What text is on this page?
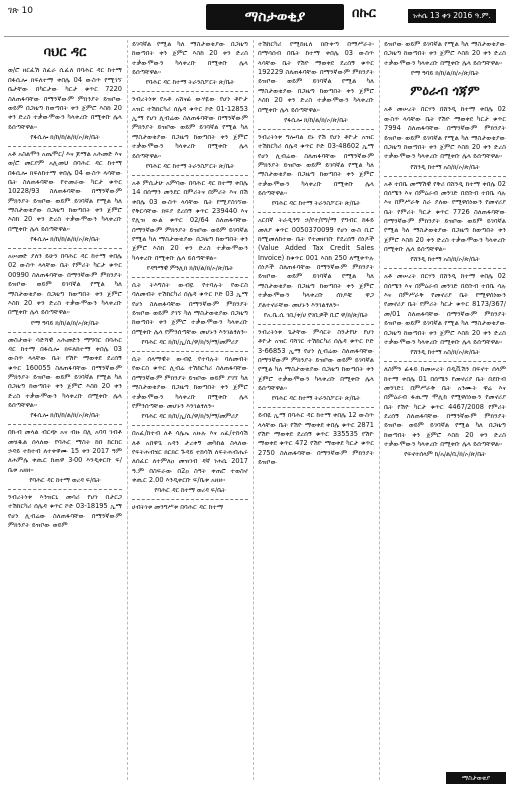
ገጽ 10	ማስታወቂያ	በኩር	ነሐሴ 13 ቀን 2016 ዓ.ም.
ባህር ዳር

ወ/ሮ ዘርፈሽ ስፈራ ሲፈለ በባሕር ዳር ከተማ በፋሲሎ ክፍለተማ ቀበሌ 04 ውስጥ የሚገኘ ቤታቸው በካርታው ካርታ ቁጥር 7220 ስለጠፋባቸው በማንኛውም ምክንያት ይዝቦው ወይም በጋዜጣ ከወጣበት ቀን ጀምሮ እስከ 20 ቀን ድረስ ተቃውሞውን ካላቀረቡ በሚቀቡ ሌላ ይሰጣቸዋል።

የፋሲሎ ክ/ከ/ከ/ል/ክ/ኦ/ጽ/ቤት

አቶ አስልሞን አጤሞር/ እና ጆማል አሕመድ እና ወ/ሮ መርያም አሊመህ በባሕር ዳር ከተማ በፋሲሎ ክፍለከተማ ቀበሌ 04 ውስጥ ላሳቸው ቤት ስለጠፋባቸው የተመራው ካርታ ቁጥር 10228/93 ስለጠፋባቸው በማንኛውም ምክንያት ይዝቦው ወይም ይገባኛል የሚል ካለ ማስታወቂያው በጋዜጣ ከወጣበት ቀን ጀምሮ እስከ 20 ቀን ድረስ ተቃውሞውን ካላቀረቡ በሚቀቡ ሌላ ይሰጣቸዋል።

የፋሲሎ ክ/ከ/ከ/ል/ክ/ኦ/ጽ/ቤት

አሠመድ ያለን ይሁን በባሕር ዳር ከተማ ቀበሌ 02 ውስጥ ላላቸው ቤት የምሪት ካርታ ቁጥር 00990 ስለጠፋባቸው በማንኛውም ምክንያት ይዝቦው ወይም ይገባኛል የሚል ካለ ማስታወቂያው በጋዜጣ ከወጣበት ቀን ጀምሮ እስከ 20 ቀን ድረስ ተቃውሞውን ካላቀረቡ በሚቀቡ ሌላ ይሰጣቸዋል።

የማ ዓባይ ክ/ከ/ል/ክ/ኦ/ጽ/ቤት

መስታወት ሳድሻዊ አሕመድን ማግባር በባሕር ዳር ከተማ በፋሲሎ ክፍለከተማ ቀበሌ 03 ውስጥ ላላቸው ቤት የሽዮ ማወቀደ ደረሰኝ ቁጥር 160055 ስለጠፋባቸው በማንኛውም ምክንያት ይዝቦው ወይም ይገባኛል የሚል ካለ በጋዜጣ ከወጣበት ቀን ጀምሮ እስከ 20 ቀን ድረስ ተቃውሞውን ካላቀረቡ በሚቀቡ ሌላ ይሰጣቸዋል።

የፋሲሎ ክ/ከ/ከ/ል/ክ/ኦ/ጽ/ቤት

በኩብ መላል ብርጭ አና ብዙ በሊ አባባ ገብቶ መሄዱል ሰላለው የባሕር ማስት ከበ ከርከር ኃዳይ ተከተብ ለተቀዋሙ 15 ቀን 2017 ዓም ለሐምሌ ቀጢር ከጠዋ 3፡00 እንዲቀርቡ ፍ/ቤቱ አዘዘ።

የባሕር ዳር ከተማ ወረዳ ፍ/ቤት

ንብረትነቱ እንዝርኒ መሳሪ የሆነ በታርጋ ተሽከርካሪ ሰሌዳ ቁጥር ኮድ 03-18195 ኢማ የሆነ ሊብሬው ስለጠፋባቸው በማንኛውም ምክንያት ይዝቦው ወይም

ይገባኛል የሚል ካለ ማስታወቂያው በጋዜጣ ከወጣበት ቀን ጀምሮ እስከ 20 ቀን ድረስ ተቃውሞውን ካላቀረቡ በሚቀቡ ሌላ ይሰጣቸዋል።

የባሕር ዳር ከተማ ትራንስፖርት ጽ/ቤት

ንብረትነቱ የአቶ አሸናፊ ውሃዬው የሆነ ቶዮታ አዝር ተሽከርካሪ ሰሌዳ ቁጥር ኮድ 01-12853 ኢማ የሆነ ሊብሬው ስለጠፋባቸው በማንኛውም ምክንያት ይዝቦው ወይም ይገባኛል የሚል ካለ ማስታወቂያው በጋዜጣ ከወጣበት ቀን ጀምሮ ተቃውሞውን ካላቀረቡ በሚቀቡ ሌላ ይሰጣቸዋል።

የባሕር ዳር ከተማ ትራንስፖርት ጽ/ቤት

አቶ ምሲታሁ አምባው በባሕር ዳር ከተማ ቀበሌ 14 በሰማን መንደር በምሪትና በምሪት እና በሽ ቀበሌ 03 ውስጥ ላሳቸው ቤት የሚያስገኘው የቅርሳቸው ክፍያ ደረሰኝ ቁጥር 239440 እና የሊዝ ውል ቁጥር 02/64 ስለጠፋባቸው በማንኛውም ምክንያት ይዝቦው ወይም ይገባኛል የሚል ካለ ማስታወቂያው በጋዜጣ ከወጣበት ቀን ጀምሮ እስከ 20 ቀን ድረስ ተቃውሞውን ካላቀረቡ በሚቀቡ ሌላ ይሰጣቸዋል።

የዳግማዊ ምንሊክ ክ/ከ/ል/ክ/ኦ/ጽ/ቤት

ሲት ትእግስት ውብዬ የተባሉት የውርስ ባለመብት ተሽከርካሪ ሰሌዳ ቁጥር ኮድ 03 ኢማ የሆነ ስለጠፋባቸው በማንኛውም ምክንያት ይዝቦው ወይም ያገኘ ካለ ማስታወቂያው በጋዜጣ ከወጣበት ቀን ጀምሮ ተቃውሞውን ካላቀረቡ በሚቀቡ ሌላ የምንሰጣቸው መሆኑን እንገልፃለን።

የባሕር ዳር ክ/ከ/ኢ/ሲ/ዋ/ክ/ን/ማ/መምሪያ

ሲት ሰላማዊት ውብዬ የተባሉት ባለመብት የውርስ ቁጥር ሊብሬ ተሽከርካሪ ስለጠፋባቸው በማንኛውም ምክንያት ይዝቦው ወይም ያገኘ ካለ ማስታወቂያው በጋዜጣ ከወጣበት ቀን ጀምሮ ተቃውሞውን ካላቀረቡ በሚቀቡ ሌላ የምንሰጣቸው መሆኑን እንገልፃለን።

የባሕር ዳር ክ/ከ/ኢ/ሲ/ዋ/ክ/ን/ማ/መምሪያ

በአፈ/ከተብ ለቶ ሳሌኤ አዙሉ እና አፈ/ተከሳሽ ለቶ አበዋጌ አዳን ታረቀኝ መካከል ስላለው የፍትሐብሄር ክርክር ጉዳይ ተከሳሽ ለፍትሐብሔሩ ለሰፈር ለተምለዐ መዝገብ ዳኛ ነሐሴ 2017 ዓ.ም በስፍራው በ2ዐ ስዓት ቀጠሮ ተወስኖ ቀጢር 2.00 እንዲቀርቡ ፍ/ቤቱ አዘዘ።

የባሕር ዳር ከተማ ወረዳ ፍ/ቤት

ሀብትነቱ መንግሥቱ በባሕር ዳር ከተማ

ተሽከርካሪ የሚከዚለ ክቡቀጣ በማሥራት፡ በማሳሰብ በቤት ከተማ ቀበሌ 03 ውስጥ ላሳቸው ቤት የሽዮ ማወቀደ ደረሰኝ ቁጥር 192229 ስለጠፋባቸው በማንኛውም ምክንያት ይዝቦው ወይም ይገባኛል የሚል ካለ ማስታወቂያው በጋዜጣ ከወጣበት ቀን ጀምሮ እስከ 20 ቀን ድረስ ተቃውሞውን ካላቀረቡ በሚቀቡ ሌላ ይሰጣቸዋል።

የፋሲሎ ክ/ከ/ል/ክ/ኦ/ጽ/ቤት

ንብረትነቱ ግሎባል ደኑ የሽ የሆነ ቶዮታ አዝር ተሽከርካሪ ሰሌዳ ቁጥር ኮድ 03-48602 ኢማ የሆነ ሊብሬው ስለጠፋባቸው በማንኛውም ምክንያት ይዝቦው ወይም ይገባኛል የሚል ካለ ማስታወቂያው በጋዜጣ ከወጣበት ቀን ጀምሮ ተቃውሞውን ካላቀረቡ በሚቀቡ ሌላ ይሰጣቸዋል።

የባሕር ዳር ከተማ ትራንስፖርት ጽ/ቤት

አርበኛ ትራዲንግ ኃ/የተ/የግ/ማ የግብር ከፋይ መለያ ቁጥር 0050370099 የሆነ ውስ ቢሮ ከሚመለከተው ቤት የተመዘገቡ የደረሰኝ ሰነዶች (Value Added Tax Credit Sales Invoice) ከቁጥር 001 እስከ 250 ለሚቀጥሉ ሰነዶች ስለጠፉባቸው በማንኛውም ምክንያት ይዝቦው ወይም ይገባኛል የሚል ካለ ማስታወቂያው በጋዜጣ ከወጣበት ቀን ጀምሮ ተቃውሞውን ካላቀረቡ ሰነዶቹ ዋጋ ያልተኖራቸው መሆኑን እንገልፃለን።

የአ.ቤ.ሲ ገቢ/ቀ/ሀ የገቢዎች ቢሮ ዋ/ክ/ጽ/ቤት

ንብረትነቱ ጌታቸው ምሳርት ስንታየሁ የሆነ ቶዮታ አዝር ባሻገር ተሽከርካሪ ሰሌዳ ቁጥር ኮድ 3-66853 ኢማ የሆነ ሊብሬው ስለጠፋባቸው በማንኛውም ምክንያት ይዝቦው ወይም ይገባኛል የሚል ካለ ማስታወቂያው በጋዜጣ ከወጣበት ቀን ጀምሮ ተቃውሞውን ካላቀረቡ በሚቀቡ ሌላ ይሰጣቸዋል።

የባሕር ዳር ከተማ ትራንስፖርት ጽ/ቤት

ይብዪ ኢማ በባሕር ዳር ከተማ ቀበሌ 12 ውስጥ ላላቸው ቤት የሽዮ ማወቀደ ቀበሌ ቁጥር 2871 የሽዮ ማወቀደ ደረሰኝ ቁጥር 335535 የሽዮ ማወቀደ ቁጥር 472 የሽዮ ማወቀደ ካርታ ቁጥር 2750 ስለጠፋባቸው በማንኛውም ምክንያት ይዝቦው

ይዝቦው ወይም ይገባኛል የሚል ካለ ማስታወቂያው በጋዜጣ ከወጣበት ቀን ጀምሮ እስከ 20 ቀን ድረስ ተቃውሞውን ካላቀረቡ በሚቀቡ ሌላ ይሰጣቸዋል።

የማ ዓባይ ክ/ከ/ል/ክ/ኦ/ጽ/ቤት
ምዕራብ ጎጃም

አቶ መሠረት በርሃን በሸንዲ ከተማ ቀበሌ 02 ውስጥ ላሳቸው ቤት የሽዮ ማወቀደ ካርታ ቁጥር 7994 ስለጠፋባቸው በማንኛውም ምክንያት ይዝቦው ወይም ይገባኛል የሚል ካለ ማስታወቂያው በጋዜጣ ከወጣበት ቀን ጀምሮ እስከ 20 ቀን ድረስ ተቃውሞውን ካላቀረቡ በሚቀቡ ሌላ ይሰጣቸዋል።

የሸንዲ ከተማ አስ/ክ/ኦ/ጽ/ቤት

አቶ ተበቤ መማሽዊ የቅሪ በሸንዲ ከተማ ቀበሌ 02 በሰሜን እና በምዕራብ መንገድ በደቡብ ተበቤ ሳሉ እና በምሥራቅ ስራ ያለው የሚዋሰነውን የመኖሪያ ቤት የምሪት ካርታ ቁጥር 7726 ስለጠፋባቸው በማንኛውም ምክንያት ይዝቦው ወይም ይገባኛል የሚል ካለ ማስታወቂያው በጋዜጣ ከወጣበት ቀን ጀምሮ እስከ 20 ቀን ድረስ ተቃውሞውን ካላቀረቡ በሚቀቡ ሌላ ይሰጣቸዋል።

የሸንዲ ከተማ አስ/ክ/ኦ/ጽ/ቤት

አቶ መሠረት በርሃን በሸንዲ ከተማ ቀበሌ 02 በሰሜን እና በምዕራብ መንገድ በደቡብ ተበቤ ሳሉ እና በምሥራቅ የመኖሪያ ቤት የሚዋሰነውን የመኖሪያ ቤት የምሪት ካርታ ቁጥር 8173/367/መ/01 ስለጠፋባቸው በማንኛውም ምክንያት ይዝቦው ወይም ይገባኛል የሚል ካለ ማስታወቂያው በጋዜጣ ከወጣበት ቀን ጀምሮ እስከ 20 ቀን ድረስ ተቃውሞውን ካላቀረቡ በሚቀቡ ሌላ ይሰጣቸዋል።

የሸንዲ ከተማ አስ/ክ/ኦ/ጽ/ቤት

ለስምን ፊፋይ ከመሠረት በዲቪሽን በፍኖተ ሰላም ከተማ ቀበሌ 01 በሰሜን የመኖሪያ ቤት በደቡብ መንገድ፤ በምሥራቅ ቤት አንሙት ዋሬ እና በምዕራብ ፋጢማ ሞሊከ የሚዋሰነውን የመኖሪያ ቤት የሽዮ ካርታ ቁጥር 4467/2008 የምሪት ደረሰኝ ስለጠፋባቸው በማንኛውም ምክንያት ይዝቦው ወይም ይገባኛል የሚል ካለ በጋዜጣ ከወጣበት ቀን ጀምሮ እስከ 20 ቀን ድረስ ተቃውሞውን ካላቀረቡ በሚቀቡ ሌላ ይሰጣቸዋል።

የፍኖተሰላም ከ/አ/ል/ቢ/ክ/ኦ/ጽ/ቤት
ማስታወቂያ
